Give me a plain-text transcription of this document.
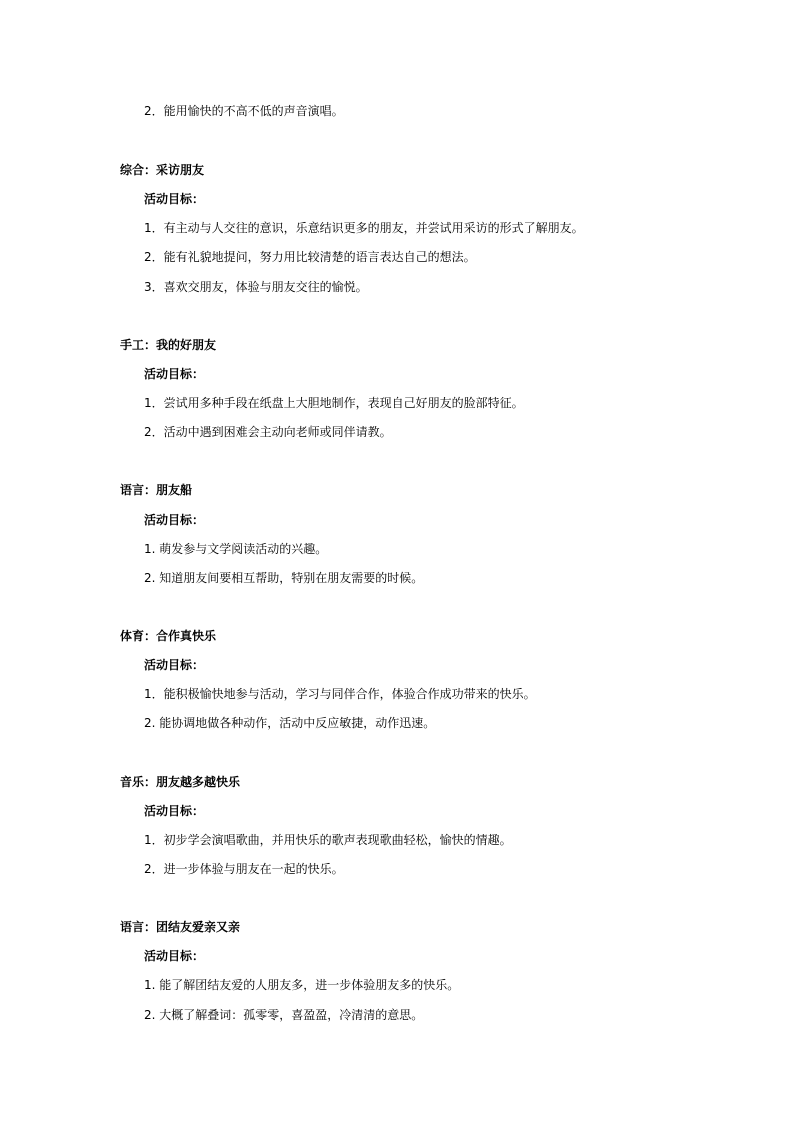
2．能用愉快的不高不低的声音演唱。
综合：采访朋友
活动目标：
1．有主动与人交往的意识，乐意结识更多的朋友，并尝试用采访的形式了解朋友。
2．能有礼貌地提问，努力用比较清楚的语言表达自己的想法。
3．喜欢交朋友，体验与朋友交往的愉悦。
手工：我的好朋友
活动目标：
1．尝试用多种手段在纸盘上大胆地制作，表现自己好朋友的脸部特征。
2．活动中遇到困难会主动向老师或同伴请教。
语言：朋友船
活动目标：
1. 萌发参与文学阅读活动的兴趣。
2. 知道朋友间要相互帮助，特别在朋友需要的时候。
体育：合作真快乐
活动目标：
1．能积极愉快地参与活动，学习与同伴合作，体验合作成功带来的快乐。
2. 能协调地做各种动作，活动中反应敏捷，动作迅速。
音乐：朋友越多越快乐
活动目标：
1．初步学会演唱歌曲，并用快乐的歌声表现歌曲轻松，愉快的情趣。
2．进一步体验与朋友在一起的快乐。
语言：团结友爱亲又亲
活动目标：
1. 能了解团结友爱的人朋友多，进一步体验朋友多的快乐。
2. 大概了解叠词：孤零零，喜盈盈，冷清清的意思。
